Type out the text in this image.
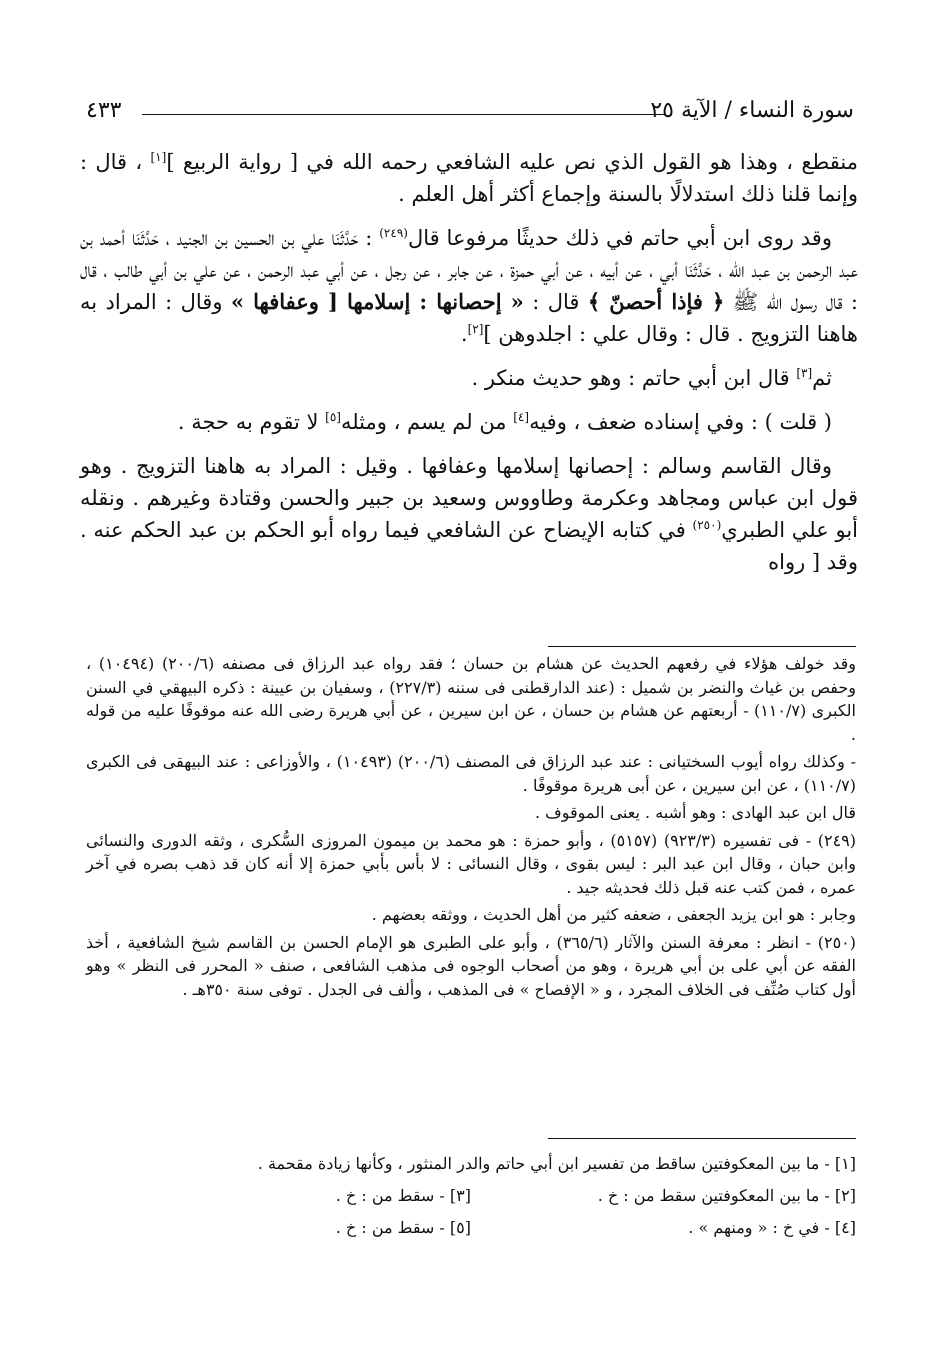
سورة النساء / الآية ٢٥
٤٣٣

منقطع ، وهذا هو القول الذي نص عليه الشافعي رحمه الله في [ رواية الربيع ][١] ، قال : وإنما قلنا ذلك استدلالًا بالسنة وإجماع أكثر أهل العلم .

وقد روى ابن أبي حاتم في ذلك حديثًا مرفوعا قال$^{(٢٤٩)}$ : حَدَّثَنَا علي بن الحسين بن الجنيد ، حَدَّثَنَا أحمد بن عبد الرحمن بن عبد الله ، حَدَّثَنَا أبي ، عن أبيه ، عن أبي حمزة ، عن جابر ، عن رجل ، عن أبي عبد الرحمن ، عن علي بن أبي طالب ، قال : قال رسول الله ﷺ ﴿ فإذا أحصنّ ﴾ قال : « إحصانها : إسلامها [ وعفافها » وقال : المراد به هاهنا التزويج . قال : وقال علي : اجلدوهن ][٢].

ثم[٣] قال ابن أبي حاتم : وهو حديث منكر .

( قلت ) : وفي إسناده ضعف ، وفيه[٤] من لم يسم ، ومثله[٥] لا تقوم به حجة .

وقال القاسم وسالم : إحصانها إسلامها وعفافها . وقيل : المراد به هاهنا التزويج . وهو قول ابن عباس ومجاهد وعكرمة وطاووس وسعيد بن جبير والحسن وقتادة وغيرهم . ونقله أبو علي الطبري$^{(٢٥٠)}$ في كتابه الإيضاح عن الشافعي فيما رواه أبو الحكم بن عبد الحكم عنه . وقد [ رواه

وقد خولف هؤلاء في رفعهم الحديث عن هشام بن حسان ؛ فقد رواه عبد الرزاق فى مصنفه (٢٠٠/٦) (١٠٤٩٤) ، وحفص بن غياث والنضر بن شميل : (عند الدارقطنى فى سننه (٢٢٧/٣) ، وسفيان بن عيينة : ذكره البيهقي في السنن الكبرى (١١٠/٧) - أربعتهم عن هشام بن حسان ، عن ابن سيرين ، عن أبي هريرة رضى الله عنه موقوفًا عليه من قوله .

- وكذلك رواه أيوب السختيانى : عند عبد الرزاق فى المصنف (٢٠٠/٦) (١٠٤٩٣) ، والأوزاعى : عند البيهقى فى الكبرى (١١٠/٧) ، عن ابن سيرين ، عن أبى هريرة موقوفًا .

قال ابن عبد الهادى : وهو أشبه . يعنى الموقوف .

(٢٤٩) - فى تفسيره (٩٢٣/٣) (٥١٥٧) ، وأبو حمزة : هو محمد بن ميمون المروزى السُّكرى ، وثقه الدورى والنسائى وابن حبان ، وقال ابن عبد البر : ليس بقوى ، وقال النسائى : لا بأس بأبي حمزة إلا أنه كان قد ذهب بصره في آخر عمره ، فمن كتب عنه قبل ذلك فحديثه جيد .

وجابر : هو ابن يزيد الجعفى ، ضعفه كثير من أهل الحديث ، ووثقه بعضهم .

(٢٥٠) - انظر : معرفة السنن والآثار (٣٦٥/٦) ، وأبو على الطبرى هو الإمام الحسن بن القاسم شيخ الشافعية ، أخذ الفقه عن أبي على بن أبي هريرة ، وهو من أصحاب الوجوه فى مذهب الشافعى ، صنف « المحرر فى النظر » وهو أول كتاب صُنِّف فى الخلاف المجرد ، و « الإفصاح » فى المذهب ، وألف فى الجدل . توفى سنة ٣٥٠هـ .

[١] - ما بين المعكوفتين ساقط من تفسير ابن أبي حاتم والدر المنثور ، وكأنها زيادة مقحمة .
[٢] - ما بين المعكوفتين سقط من : خ .
[٣] - سقط من : خ .
[٤] - في خ : « ومنهم » .
[٥] - سقط من : خ .
